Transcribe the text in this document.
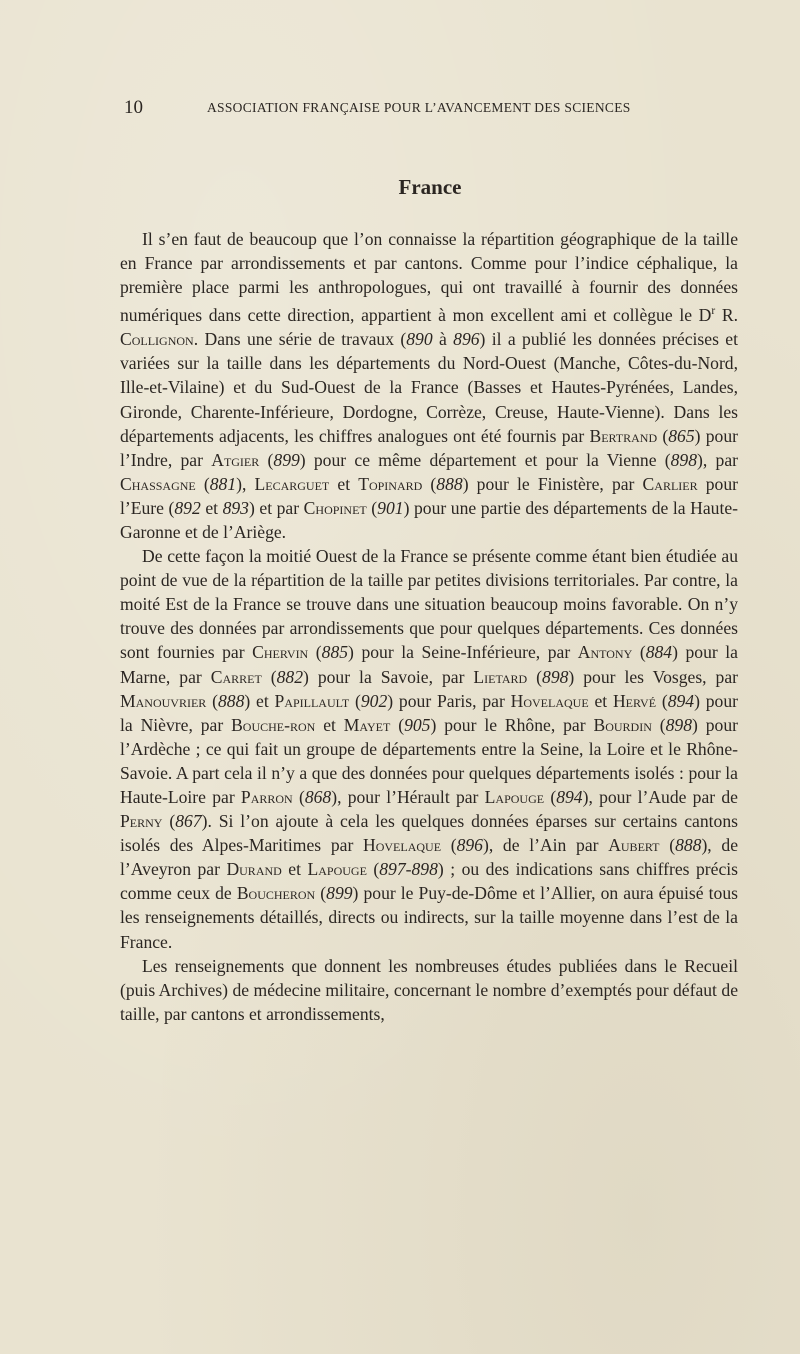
10	ASSOCIATION FRANÇAISE POUR L’AVANCEMENT DES SCIENCES
France

Il s’en faut de beaucoup que l’on connaisse la répartition géographique de la taille en France par arrondissements et par cantons. Comme pour l’indice céphalique, la première place parmi les anthropologues, qui ont travaillé à fournir des données numériques dans cette direction, appartient à mon excellent ami et collègue le $D^r$ R. Collignon. Dans une série de travaux (890 à 896) il a publié les données précises et variées sur la taille dans les départements du Nord-Ouest (Manche, Côtes-du-Nord, Ille-et-Vilaine) et du Sud-Ouest de la France (Basses et Hautes-Pyrénées, Landes, Gironde, Charente-Inférieure, Dordogne, Corrèze, Creuse, Haute-Vienne). Dans les départements adjacents, les chiffres analogues ont été fournis par Bertrand (865) pour l’Indre, par Atgier (899) pour ce même département et pour la Vienne (898), par Chassagne (881), Lecarguet et Topinard (888) pour le Finistère, par Carlier pour l’Eure (892 et 893) et par Chopinet (901) pour une partie des départements de la Haute-Garonne et de l’Ariège.

De cette façon la moitié Ouest de la France se présente comme étant bien étudiée au point de vue de la répartition de la taille par petites divisions territoriales. Par contre, la moité Est de la France se trouve dans une situation beaucoup moins favorable. On n’y trouve des données par arrondissements que pour quelques départements. Ces données sont fournies par Chervin (885) pour la Seine-Inférieure, par Antony (884) pour la Marne, par Carret (882) pour la Savoie, par Lietard (898) pour les Vosges, par Manouvrier (888) et Papillault (902) pour Paris, par Hovelaque et Hervé (894) pour la Nièvre, par Bouche-ron et Mayet (905) pour le Rhône, par Bourdin (898) pour l’Ardèche ; ce qui fait un groupe de départements entre la Seine, la Loire et le Rhône-Savoie. A part cela il n’y a que des données pour quelques départements isolés : pour la Haute-Loire par Parron (868), pour l’Hérault par Lapouge (894), pour l’Aude par de Perny (867). Si l’on ajoute à cela les quelques données éparses sur certains cantons isolés des Alpes-Maritimes par Hovelaque (896), de l’Ain par Aubert (888), de l’Aveyron par Durand et Lapouge (897-898) ; ou des indications sans chiffres précis comme ceux de Boucheron (899) pour le Puy-de-Dôme et l’Allier, on aura épuisé tous les renseignements détaillés, directs ou indirects, sur la taille moyenne dans l’est de la France.

Les renseignements que donnent les nombreuses études publiées dans le Recueil (puis Archives) de médecine militaire, concernant le nombre d’exemptés pour défaut de taille, par cantons et arrondissements,
